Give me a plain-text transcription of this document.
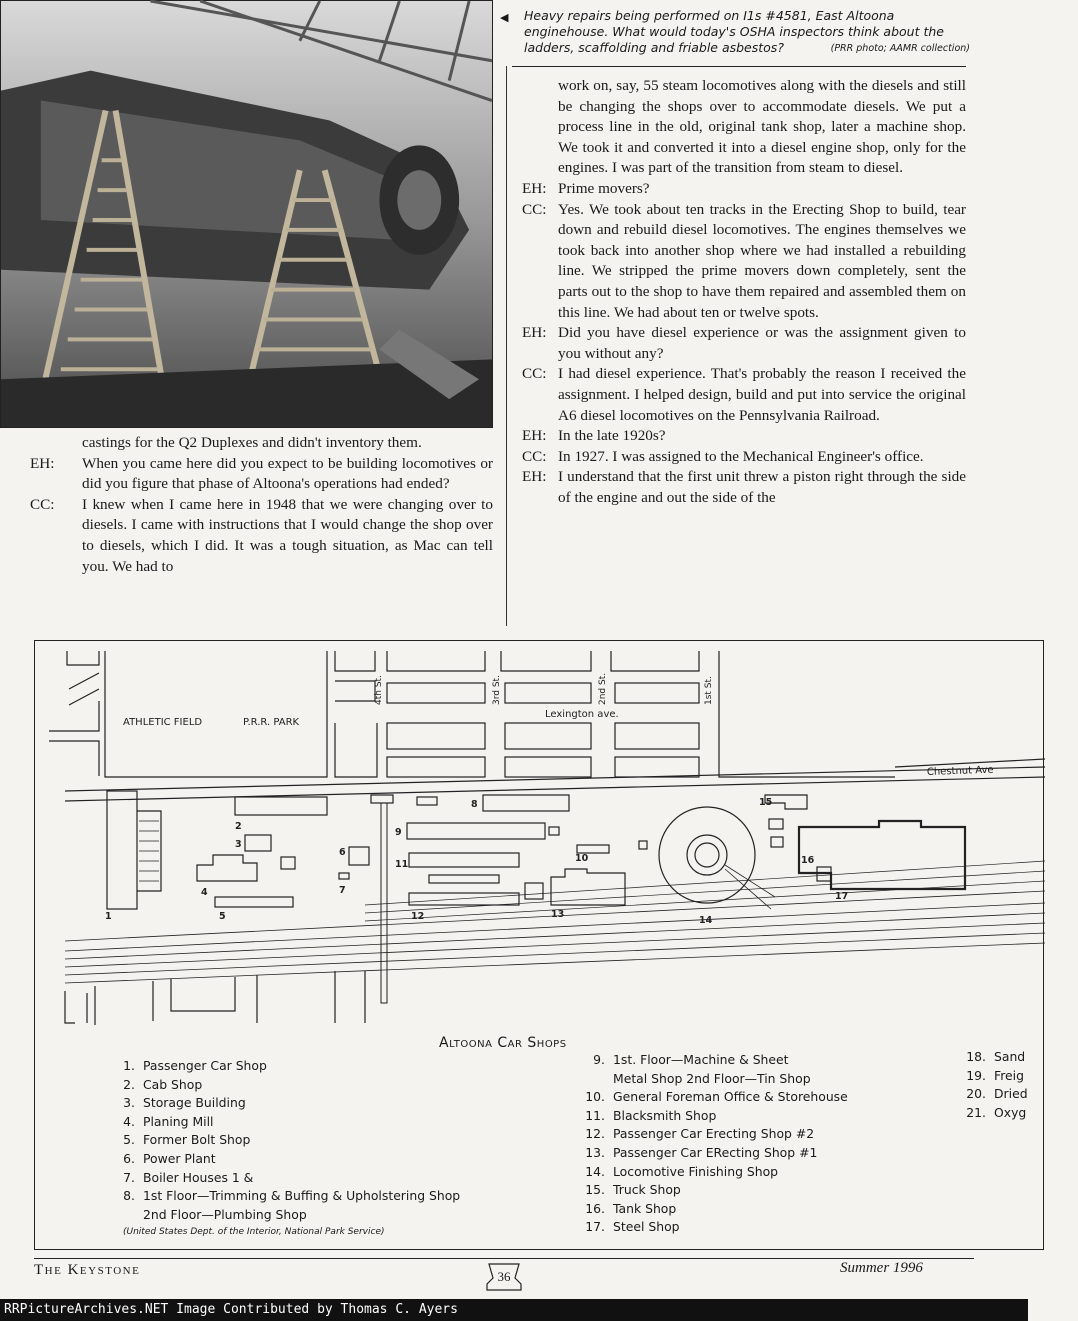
◀ Heavy repairs being performed on I1s #4581, East Altoona enginehouse. What would today's OSHA inspectors think about the ladders, scaffolding and friable asbestos?	(PRR photo; AAMR collection)

work on, say, 55 steam locomotives along with the diesels and still be changing the shops over to accommodate diesels. We put a process line in the old, original tank shop, later a machine shop. We took it and converted it into a diesel engine shop, only for the engines. I was part of the transition from steam to diesel.

EH: Prime movers?
CC: Yes. We took about ten tracks in the Erecting Shop to build, tear down and rebuild diesel locomotives. The engines themselves we took back into another shop where we had installed a rebuilding line. We stripped the prime movers down completely, sent the parts out to the shop to have them repaired and assembled them on this line. We had about ten or twelve spots.
EH: Did you have diesel experience or was the assignment given to you without any?
CC: I had diesel experience. That's probably the reason I received the assignment. I helped design, build and put into service the original A6 diesel locomotives on the Pennsylvania Railroad.
EH: In the late 1920s?
CC: In 1927. I was assigned to the Mechanical Engineer's office.
EH: I understand that the first unit threw a piston right through the side of the engine and out the side of the

castings for the Q2 Duplexes and didn't inventory them.

EH:	When you came here did you expect to be building locomotives or did you figure that phase of Altoona's operations had ended?
CC:	I knew when I came here in 1948 that we were changing over to diesels. I came with instructions that I would change the shop over to diesels, which I did. It was a tough situation, as Mac can tell you. We had to
ATHLETIC FIELD	P.R.R. PARK
Lexington ave.
Chestnut Ave
4th St.	3rd St.	2nd St.	1st St.
1
2
3
4
5
6
7
8
9
10
11
12	13
14
15
16
17
Altoona Car Shops
1. Passenger Car Shop
2. Cab Shop
3. Storage Building
4. Planing Mill
5. Former Bolt Shop
6. Power Plant
7. Boiler Houses 1 &
8. 1st Floor—Trimming & Buffing & Upholstering Shop
2nd Floor—Plumbing Shop
9. 1st. Floor—Machine & Sheet
Metal Shop 2nd Floor—Tin Shop
10. General Foreman Office & Storehouse
11. Blacksmith Shop
12. Passenger Car Erecting Shop #2
13. Passenger Car ERecting Shop #1
14. Locomotive Finishing Shop
15. Truck Shop
16. Tank Shop
17. Steel Shop
(United States Dept. of the Interior, National Park Service)
18. Sand
19. Freig
20. Dried
21. Oxyg
The Keystone	36
Summer 1996
RRPictureArchives.NET Image Contributed by Thomas C. Ayers
